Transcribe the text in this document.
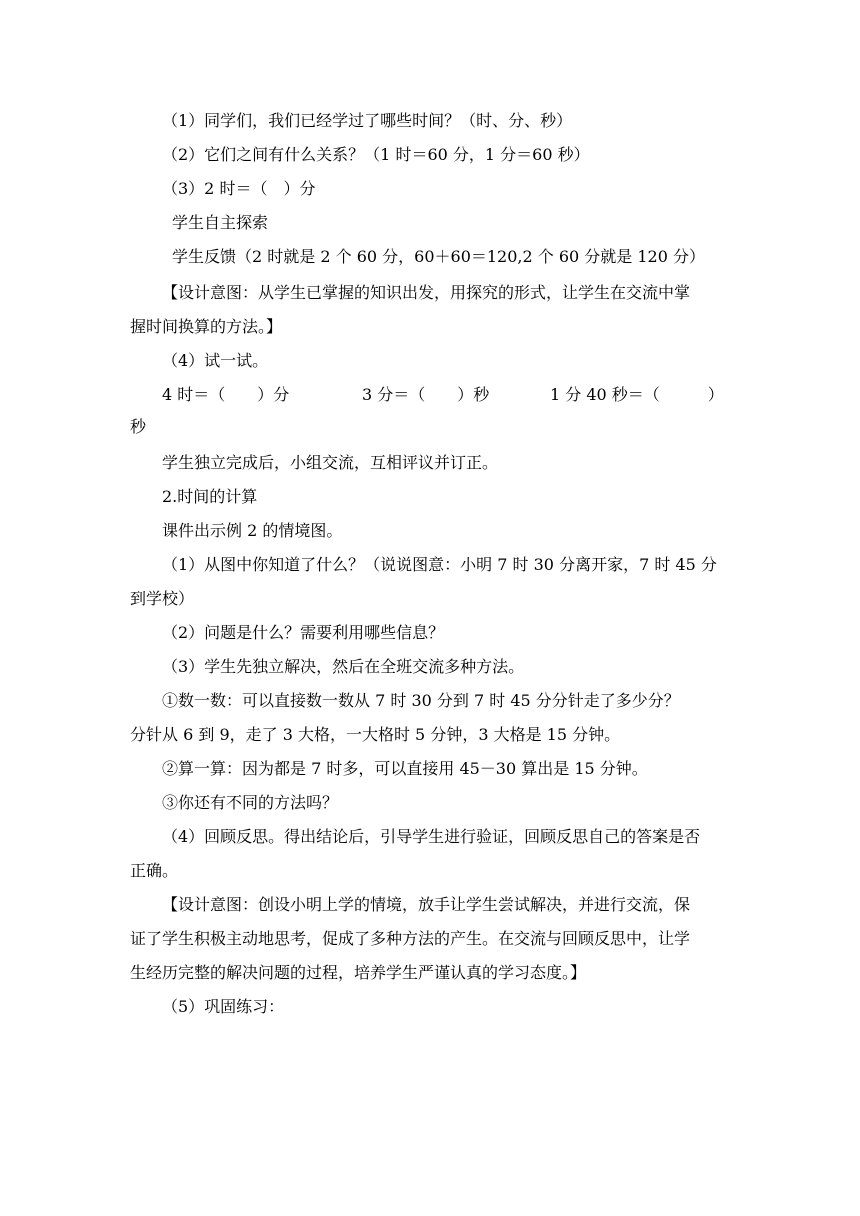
（1）同学们，我们已经学过了哪些时间？（时、分、秒）
（2）它们之间有什么关系？（1 时＝60 分，1 分＝60 秒）
（3）2 时＝（　）分
学生自主探索
学生反馈（2 时就是 2 个 60 分，60＋60＝120,2 个 60 分就是 120 分）
【设计意图：从学生已掌握的知识出发，用探究的形式，让学生在交流中掌
握时间换算的方法。】
（4）试一试。
4 时＝（　　）分	3 分＝（　　）秒	1 分 40 秒＝（　　　）
秒
学生独立完成后，小组交流，互相评议并订正。
2.时间的计算
课件出示例 2 的情境图。
（1）从图中你知道了什么？（说说图意：小明 7 时 30 分离开家，7 时 45 分
到学校）
（2）问题是什么？需要利用哪些信息？
（3）学生先独立解决，然后在全班交流多种方法。
①数一数：可以直接数一数从 7 时 30 分到 7 时 45 分分针走了多少分？
分针从 6 到 9，走了 3 大格，一大格时 5 分钟，3 大格是 15 分钟。
②算一算：因为都是 7 时多，可以直接用 45－30 算出是 15 分钟。
③你还有不同的方法吗？
（4）回顾反思。得出结论后，引导学生进行验证，回顾反思自己的答案是否
正确。
【设计意图：创设小明上学的情境，放手让学生尝试解决，并进行交流，保
证了学生积极主动地思考，促成了多种方法的产生。在交流与回顾反思中，让学
生经历完整的解决问题的过程，培养学生严谨认真的学习态度。】
（5）巩固练习：
